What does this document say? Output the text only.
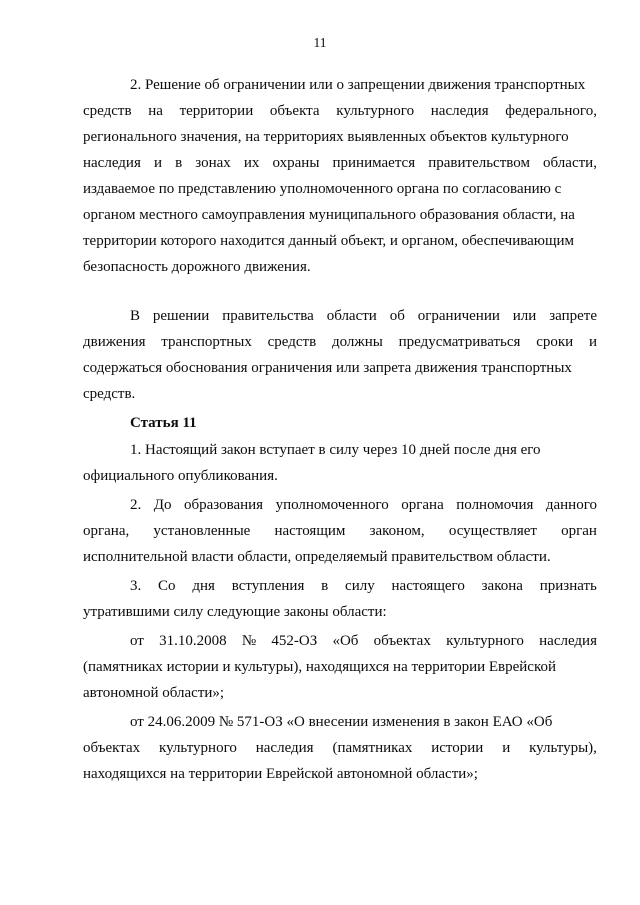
11
2. Решение об ограничении или о запрещении движения транспортных
средств на территории объекта культурного наследия федерального,
регионального значения, на территориях выявленных объектов культурного
наследия и в зонах их охраны принимается правительством области,
издаваемое по представлению уполномоченного органа по согласованию с
органом местного самоуправления муниципального образования области, на
территории которого находится данный объект, и органом, обеспечивающим
безопасность дорожного движения.
В решении правительства области об ограничении или запрете
движения транспортных средств должны предусматриваться сроки и
содержаться обоснования ограничения или запрета движения транспортных
средств.
Статья 11
1. Настоящий закон вступает в силу через 10 дней после дня его
официального опубликования.
2. До образования уполномоченного органа полномочия данного
органа, установленные настоящим законом, осуществляет орган
исполнительной власти области, определяемый правительством области.
3. Со дня вступления в силу настоящего закона признать
утратившими силу следующие законы области:
от 31.10.2008 № 452-ОЗ «Об объектах культурного наследия
(памятниках истории и культуры), находящихся на территории Еврейской
автономной области»;
от 24.06.2009 № 571-ОЗ «О внесении изменения в закон ЕАО «Об
объектах культурного наследия (памятниках истории и культуры),
находящихся на территории Еврейской автономной области»;
